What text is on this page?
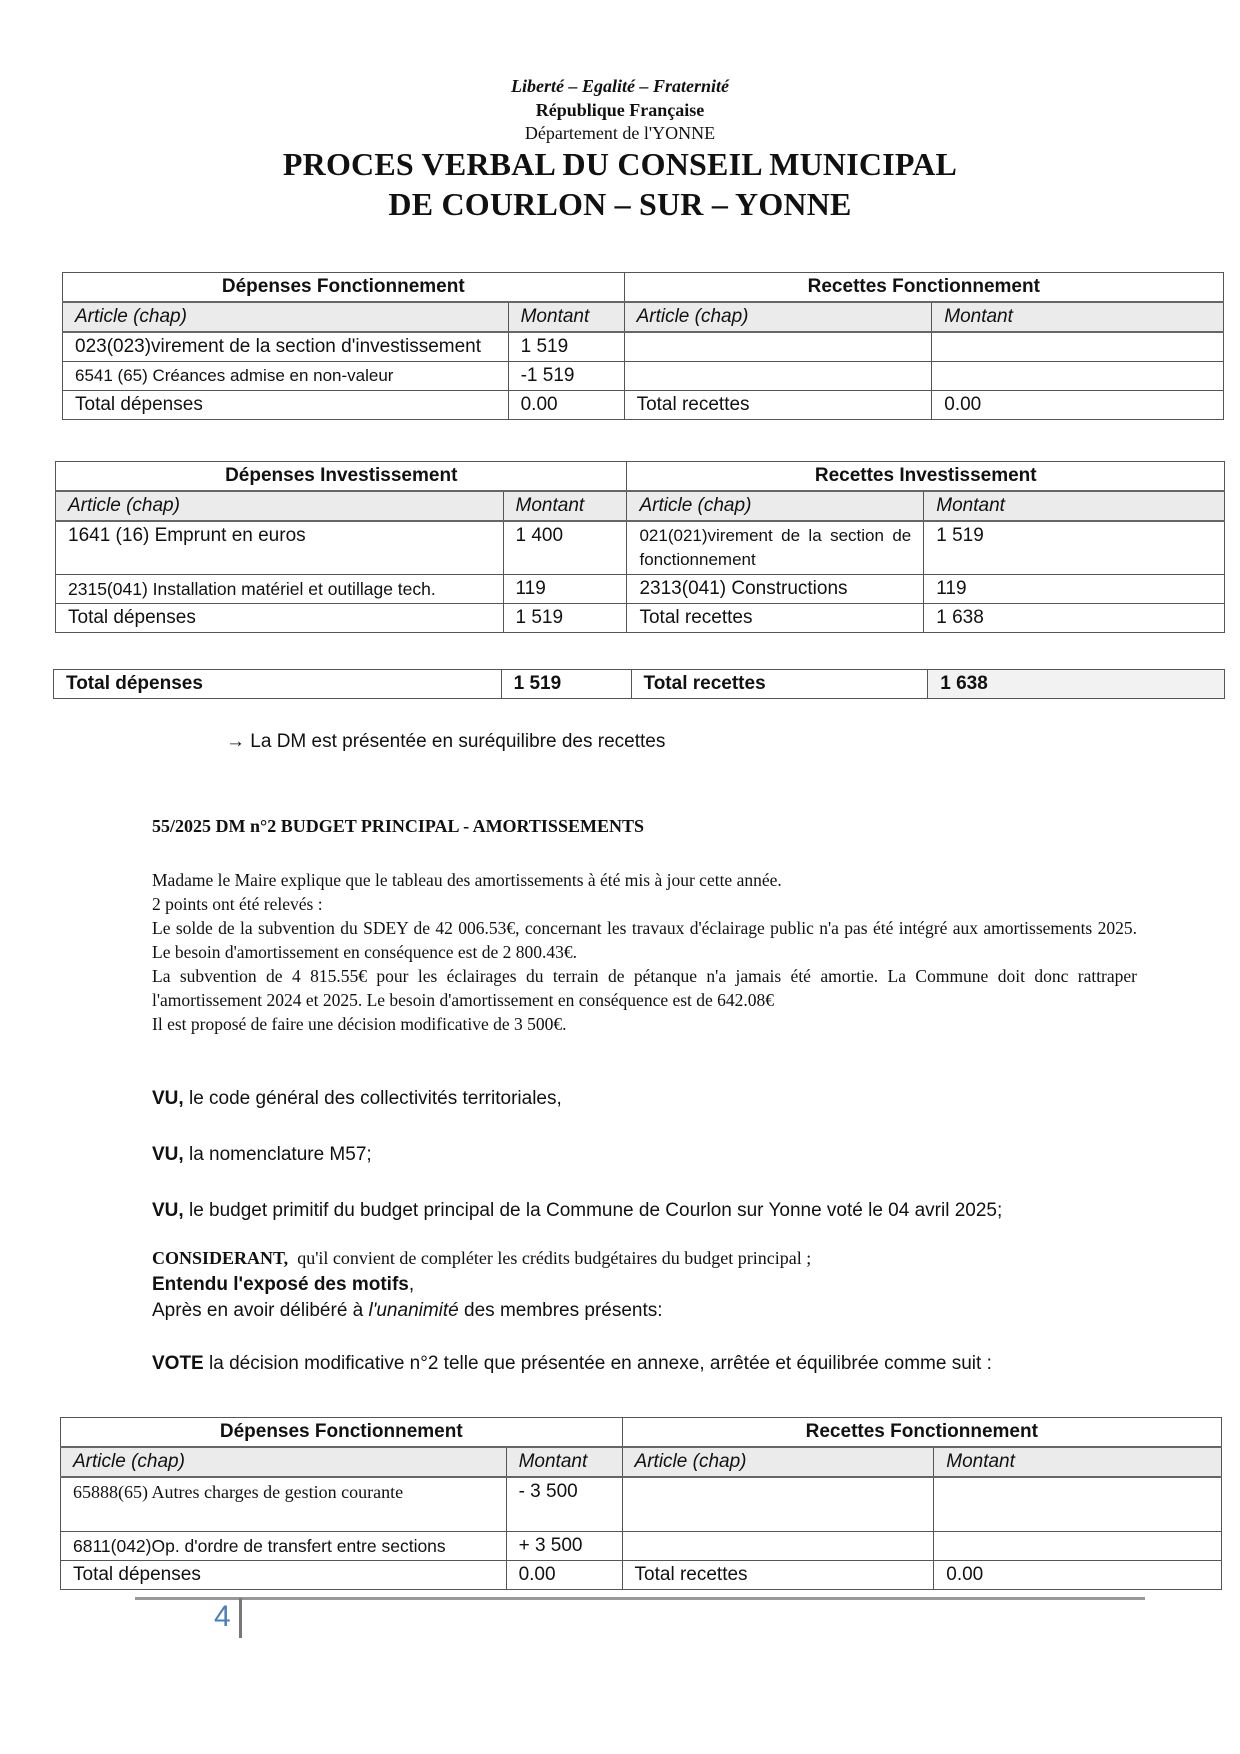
Liberté – Egalité – Fraternité
République Française
Département de l'YONNE
PROCES VERBAL DU CONSEIL MUNICIPAL
DE COURLON – SUR – YONNE
Dépenses Fonctionnement		Recettes Fonctionnement	
Article (chap)	Montant	Article (chap)	Montant
023(023)virement de la section d'investissement	1 519		
6541 (65) Créances admise en non-valeur	-1 519		
Total dépenses	0.00	Total recettes	0.00
Dépenses Investissement		Recettes Investissement	
Article (chap)	Montant	Article (chap)	Montant
1641 (16) Emprunt en euros	1 400	021(021)virement de la section de fonctionnement	1 519
2315(041) Installation matériel et outillage tech.	119	2313(041) Constructions	119
Total dépenses	1 519	Total recettes	1 638
Total dépenses	1 519	Total recettes	1 638
→ La DM est présentée en suréquilibre des recettes
55/2025 DM n°2 BUDGET PRINCIPAL - AMORTISSEMENTS

Madame le Maire explique que le tableau des amortissements à été mis à jour cette année.

2 points ont été relevés :

Le solde de la subvention du SDEY de 42 006.53€, concernant les travaux d'éclairage public n'a pas été intégré aux amortissements 2025. Le besoin d'amortissement en conséquence est de 2 800.43€.

La subvention de 4 815.55€ pour les éclairages du terrain de pétanque n'a jamais été amortie. La Commune doit donc rattraper l'amortissement 2024 et 2025. Le besoin d'amortissement en conséquence est de 642.08€

Il est proposé de faire une décision modificative de 3 500€.

VU, le code général des collectivités territoriales,
VU, la nomenclature M57;
VU, le budget primitif du budget principal de la Commune de Courlon sur Yonne voté le 04 avril 2025;
CONSIDERANT,  qu'il convient de compléter les crédits budgétaires du budget principal ;
Entendu l'exposé des motifs,
Après en avoir délibéré à l'unanimité des membres présents:
VOTE la décision modificative n°2 telle que présentée en annexe, arrêtée et équilibrée comme suit :
Dépenses Fonctionnement		Recettes Fonctionnement	
Article (chap)	Montant	Article (chap)	Montant
65888(65) Autres charges de gestion courante	- 3 500		
6811(042)Op. d'ordre de transfert entre sections	+ 3 500		
Total dépenses	0.00	Total recettes	0.00
4
